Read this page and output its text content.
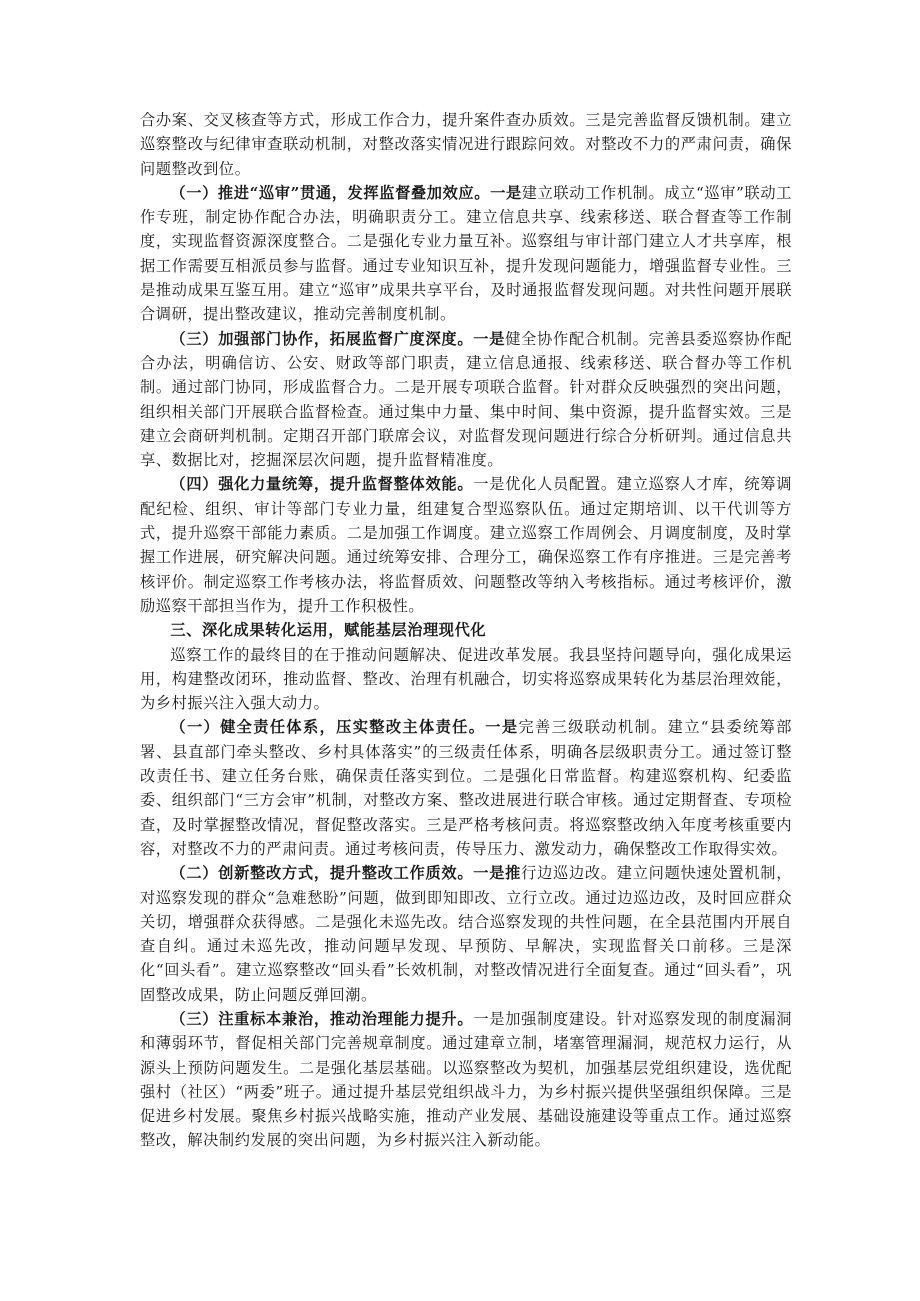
合办案、交叉核查等方式，形成工作合力，提升案件查办质效。三是完善监督反馈机制。建立巡察整改与纪律审查联动机制，对整改落实情况进行跟踪问效。对整改不力的严肃问责，确保问题整改到位。

（一）推进“巡审”贯通，发挥监督叠加效应。一是建立联动工作机制。成立“巡审”联动工作专班，制定协作配合办法，明确职责分工。建立信息共享、线索移送、联合督查等工作制度，实现监督资源深度整合。二是强化专业力量互补。巡察组与审计部门建立人才共享库，根据工作需要互相派员参与监督。通过专业知识互补，提升发现问题能力，增强监督专业性。三是推动成果互鉴互用。建立“巡审”成果共享平台，及时通报监督发现问题。对共性问题开展联合调研，提出整改建议，推动完善制度机制。

（三）加强部门协作，拓展监督广度深度。一是健全协作配合机制。完善县委巡察协作配合办法，明确信访、公安、财政等部门职责，建立信息通报、线索移送、联合督办等工作机制。通过部门协同，形成监督合力。二是开展专项联合监督。针对群众反映强烈的突出问题，组织相关部门开展联合监督检查。通过集中力量、集中时间、集中资源，提升监督实效。三是建立会商研判机制。定期召开部门联席会议，对监督发现问题进行综合分析研判。通过信息共享、数据比对，挖掘深层次问题，提升监督精准度。

（四）强化力量统筹，提升监督整体效能。一是优化人员配置。建立巡察人才库，统筹调配纪检、组织、审计等部门专业力量，组建复合型巡察队伍。通过定期培训、以干代训等方式，提升巡察干部能力素质。二是加强工作调度。建立巡察工作周例会、月调度制度，及时掌握工作进展，研究解决问题。通过统筹安排、合理分工，确保巡察工作有序推进。三是完善考核评价。制定巡察工作考核办法，将监督质效、问题整改等纳入考核指标。通过考核评价，激励巡察干部担当作为，提升工作积极性。

三、深化成果转化运用，赋能基层治理现代化

巡察工作的最终目的在于推动问题解决、促进改革发展。我县坚持问题导向，强化成果运用，构建整改闭环，推动监督、整改、治理有机融合，切实将巡察成果转化为基层治理效能，为乡村振兴注入强大动力。

（一）健全责任体系，压实整改主体责任。一是完善三级联动机制。建立“县委统筹部署、县直部门牵头整改、乡村具体落实”的三级责任体系，明确各层级职责分工。通过签订整改责任书、建立任务台账，确保责任落实到位。二是强化日常监督。构建巡察机构、纪委监委、组织部门“三方会审”机制，对整改方案、整改进展进行联合审核。通过定期督查、专项检查，及时掌握整改情况，督促整改落实。三是严格考核问责。将巡察整改纳入年度考核重要内容，对整改不力的严肃问责。通过考核问责，传导压力、激发动力，确保整改工作取得实效。

（二）创新整改方式，提升整改工作质效。一是推行边巡边改。建立问题快速处置机制，对巡察发现的群众“急难愁盼”问题，做到即知即改、立行立改。通过边巡边改，及时回应群众关切，增强群众获得感。二是强化未巡先改。结合巡察发现的共性问题，在全县范围内开展自查自纠。通过未巡先改，推动问题早发现、早预防、早解决，实现监督关口前移。三是深化“回头看”。建立巡察整改“回头看”长效机制，对整改情况进行全面复查。通过“回头看”，巩固整改成果，防止问题反弹回潮。

（三）注重标本兼治，推动治理能力提升。一是加强制度建设。针对巡察发现的制度漏洞和薄弱环节，督促相关部门完善规章制度。通过建章立制，堵塞管理漏洞，规范权力运行，从源头上预防问题发生。二是强化基层基础。以巡察整改为契机，加强基层党组织建设，选优配强村（社区）“两委”班子。通过提升基层党组织战斗力，为乡村振兴提供坚强组织保障。三是促进乡村发展。聚焦乡村振兴战略实施，推动产业发展、基础设施建设等重点工作。通过巡察整改，解决制约发展的突出问题，为乡村振兴注入新动能。
